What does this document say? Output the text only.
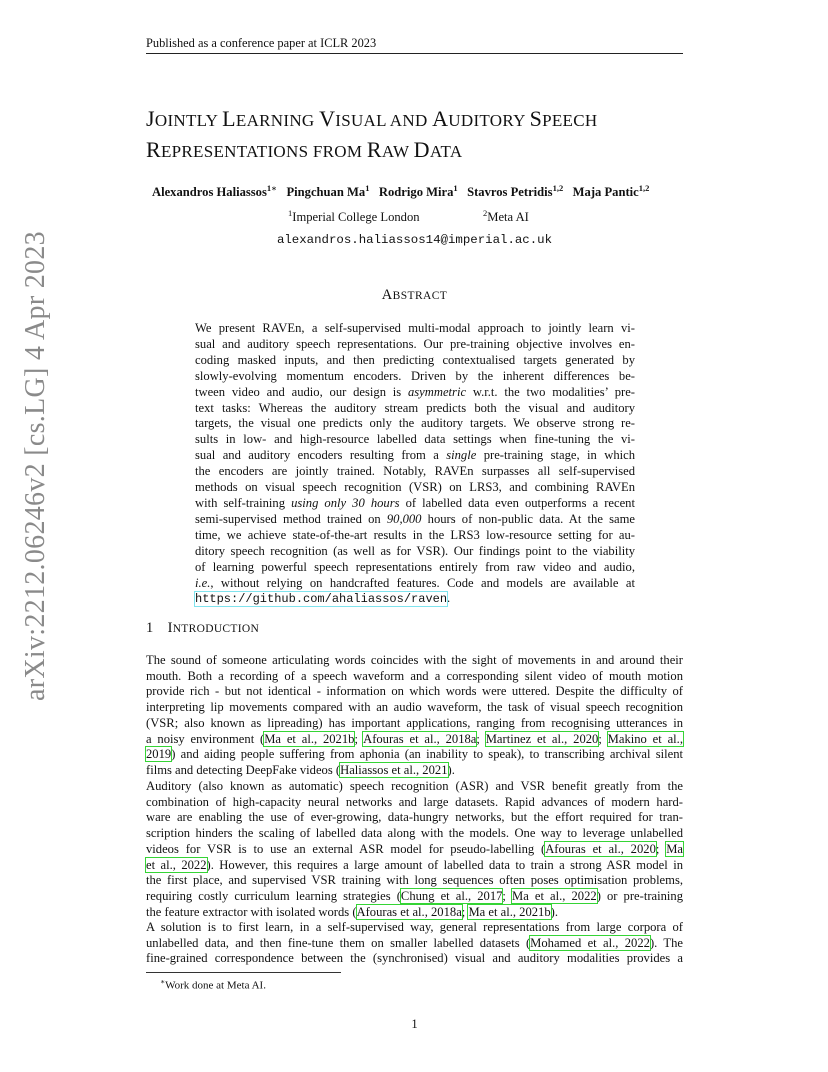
Published as a conference paper at ICLR 2023
arXiv:2212.06246v2 [cs.LG] 4 Apr 2023
JOINTLY LEARNING VISUAL AND AUDITORY SPEECH
REPRESENTATIONS FROM RAW DATA
Alexandros Haliassos$^{1∗}$ Pingchuan Ma$^1$ Rodrigo Mira$^1$ Stavros Petridis$^{1,2}$ Maja Pantic$^{1,2}$
$^1$Imperial College London	$^2$Meta AI
alexandros.haliassos14@imperial.ac.uk
ABSTRACT
We present RAVEn, a self-supervised multi-modal approach to jointly learn vi-
sual and auditory speech representations. Our pre-training objective involves en-
coding masked inputs, and then predicting contextualised targets generated by
slowly-evolving momentum encoders. Driven by the inherent differences be-
tween video and audio, our design is asymmetric w.r.t. the two modalities’ pre-
text tasks: Whereas the auditory stream predicts both the visual and auditory
targets, the visual one predicts only the auditory targets. We observe strong re-
sults in low- and high-resource labelled data settings when fine-tuning the vi-
sual and auditory encoders resulting from a single pre-training stage, in which
the encoders are jointly trained. Notably, RAVEn surpasses all self-supervised
methods on visual speech recognition (VSR) on LRS3, and combining RAVEn
with self-training using only 30 hours of labelled data even outperforms a recent
semi-supervised method trained on 90,000 hours of non-public data. At the same
time, we achieve state-of-the-art results in the LRS3 low-resource setting for au-
ditory speech recognition (as well as for VSR). Our findings point to the viability
of learning powerful speech representations entirely from raw video and audio,
i.e., without relying on handcrafted features. Code and models are available at
https://github.com/ahaliassos/raven.
1 INTRODUCTION
The sound of someone articulating words coincides with the sight of movements in and around their
mouth. Both a recording of a speech waveform and a corresponding silent video of mouth motion
provide rich - but not identical - information on which words were uttered. Despite the difficulty of
interpreting lip movements compared with an audio waveform, the task of visual speech recognition
(VSR; also known as lipreading) has important applications, ranging from recognising utterances in
a noisy environment (Ma et al., 2021b; Afouras et al., 2018a; Martinez et al., 2020; Makino et al.,
2019) and aiding people suffering from aphonia (an inability to speak), to transcribing archival silent
films and detecting DeepFake videos (Haliassos et al., 2021).
Auditory (also known as automatic) speech recognition (ASR) and VSR benefit greatly from the
combination of high-capacity neural networks and large datasets. Rapid advances of modern hard-
ware are enabling the use of ever-growing, data-hungry networks, but the effort required for tran-
scription hinders the scaling of labelled data along with the models. One way to leverage unlabelled
videos for VSR is to use an external ASR model for pseudo-labelling (Afouras et al., 2020; Ma
et al., 2022). However, this requires a large amount of labelled data to train a strong ASR model in
the first place, and supervised VSR training with long sequences often poses optimisation problems,
requiring costly curriculum learning strategies (Chung et al., 2017; Ma et al., 2022) or pre-training
the feature extractor with isolated words (Afouras et al., 2018a; Ma et al., 2021b).
A solution is to first learn, in a self-supervised way, general representations from large corpora of
unlabelled data, and then fine-tune them on smaller labelled datasets (Mohamed et al., 2022). The
fine-grained correspondence between the (synchronised) visual and auditory modalities provides a
∗Work done at Meta AI.
1
